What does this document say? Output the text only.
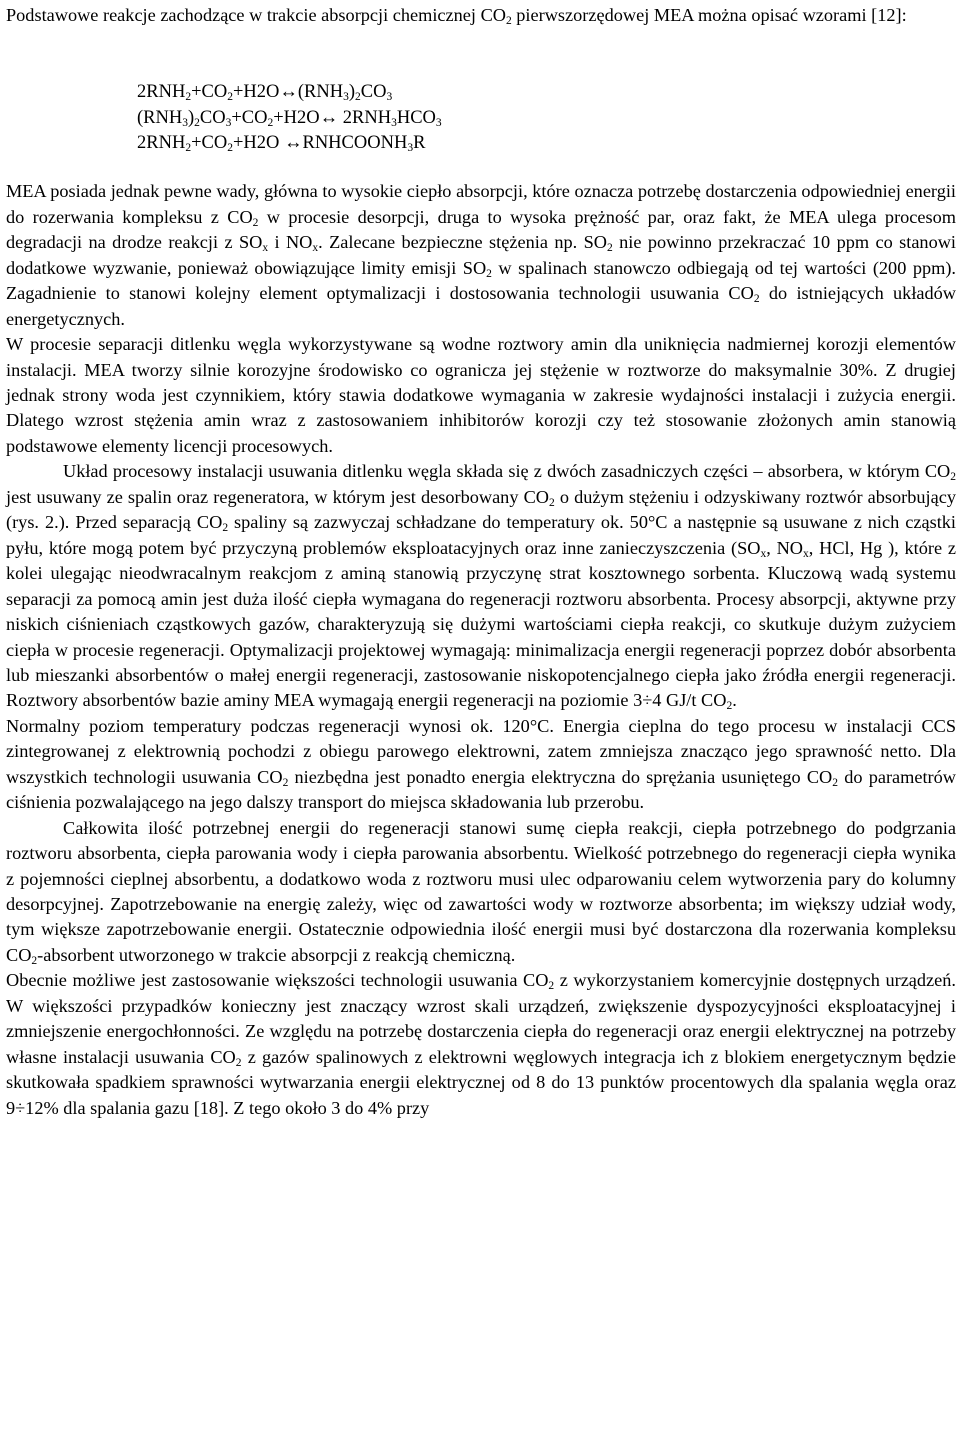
Podstawowe reakcje zachodzące w trakcie absorpcji chemicznej $CO_2$ pierwszorzędowej MEA można opisać wzorami [12]:

$2RNH_2+CO_2+H2O\leftrightarrow(RNH_3)_2CO_3$
$(RNH_3)_2CO_3+CO_2+H2O\leftrightarrow$ $2RNH_3HCO_3$
$2RNH_2+CO_2+H2O$ $\leftrightarrow RNHCOONH_3R$

MEA posiada jednak pewne wady, główna to wysokie ciepło absorpcji, które oznacza potrzebę dostarczenia odpowiedniej energii do rozerwania kompleksu z $CO_2$ w procesie desorpcji, druga to wysoka prężność par, oraz fakt, że MEA ulega procesom degradacji na drodze reakcji z $SO_x$ i $NO_x$. Zalecane bezpieczne stężenia np. $SO_2$ nie powinno przekraczać 10 ppm co stanowi dodatkowe wyzwanie, ponieważ obowiązujące limity emisji $SO_2$ w spalinach stanowczo odbiegają od tej wartości (200 ppm). Zagadnienie to stanowi kolejny element optymalizacji i dostosowania technologii usuwania $CO_2$ do istniejących układów energetycznych.

W procesie separacji ditlenku węgla wykorzystywane są wodne roztwory amin dla uniknięcia nadmiernej korozji elementów instalacji. MEA tworzy silnie korozyjne środowisko co ogranicza jej stężenie w roztworze do maksymalnie 30%. Z drugiej jednak strony woda jest czynnikiem, który stawia dodatkowe wymagania w zakresie wydajności instalacji i zużycia energii. Dlatego wzrost stężenia amin wraz z zastosowaniem inhibitorów korozji czy też stosowanie złożonych amin stanowią podstawowe elementy licencji procesowych.

Układ procesowy instalacji usuwania ditlenku węgla składa się z dwóch zasadniczych części – absorbera, w którym $CO_2$ jest usuwany ze spalin oraz regeneratora, w którym jest desorbowany $CO_2$ o dużym stężeniu i odzyskiwany roztwór absorbujący (rys. 2.). Przed separacją $CO_2$ spaliny są zazwyczaj schładzane do temperatury ok. 50°C a następnie są usuwane z nich cząstki pyłu, które mogą potem być przyczyną problemów eksploatacyjnych oraz inne zanieczyszczenia ($SO_x$, $NO_x$, HCl, Hg ), które z kolei ulegając nieodwracalnym reakcjom z aminą stanowią przyczynę strat kosztownego sorbenta. Kluczową wadą systemu separacji za pomocą amin jest duża ilość ciepła wymagana do regeneracji roztworu absorbenta. Procesy absorpcji, aktywne przy niskich ciśnieniach cząstkowych gazów, charakteryzują się dużymi wartościami ciepła reakcji, co skutkuje dużym zużyciem ciepła w procesie regeneracji. Optymalizacji projektowej wymagają: minimalizacja energii regeneracji poprzez dobór absorbenta lub mieszanki absorbentów o małej energii regeneracji, zastosowanie niskopotencjalnego ciepła jako źródła energii regeneracji. Roztwory absorbentów bazie aminy MEA wymagają energii regeneracji na poziomie 3÷4 GJ/t $CO_2$.

Normalny poziom temperatury podczas regeneracji wynosi ok. 120°C. Energia cieplna do tego procesu w instalacji CCS zintegrowanej z elektrownią pochodzi z obiegu parowego elektrowni, zatem zmniejsza znacząco jego sprawność netto. Dla wszystkich technologii usuwania $CO_2$ niezbędna jest ponadto energia elektryczna do sprężania usuniętego $CO_2$ do parametrów ciśnienia pozwalającego na jego dalszy transport do miejsca składowania lub przerobu.

Całkowita ilość potrzebnej energii do regeneracji stanowi sumę ciepła reakcji, ciepła potrzebnego do podgrzania roztworu absorbenta, ciepła parowania wody i ciepła parowania absorbentu. Wielkość potrzebnego do regeneracji ciepła wynika z pojemności cieplnej absorbentu, a dodatkowo woda z roztworu musi ulec odparowaniu celem wytworzenia pary do kolumny desorpcyjnej. Zapotrzebowanie na energię zależy, więc od zawartości wody w roztworze absorbenta; im większy udział wody, tym większe zapotrzebowanie energii. Ostatecznie odpowiednia ilość energii musi być dostarczona dla rozerwania kompleksu $CO_2$-absorbent utworzonego w trakcie absorpcji z reakcją chemiczną.

Obecnie możliwe jest zastosowanie większości technologii usuwania $CO_2$ z wykorzystaniem komercyjnie dostępnych urządzeń. W większości przypadków konieczny jest znaczący wzrost skali urządzeń, zwiększenie dyspozycyjności eksploatacyjnej i zmniejszenie energochłonności. Ze względu na potrzebę dostarczenia ciepła do regeneracji oraz energii elektrycznej na potrzeby własne instalacji usuwania $CO_2$ z gazów spalinowych z elektrowni węglowych integracja ich z blokiem energetycznym będzie skutkowała spadkiem sprawności wytwarzania energii elektrycznej od 8 do 13 punktów procentowych dla spalania węgla oraz 9÷12% dla spalania gazu [18]. Z tego około 3 do 4% przy
